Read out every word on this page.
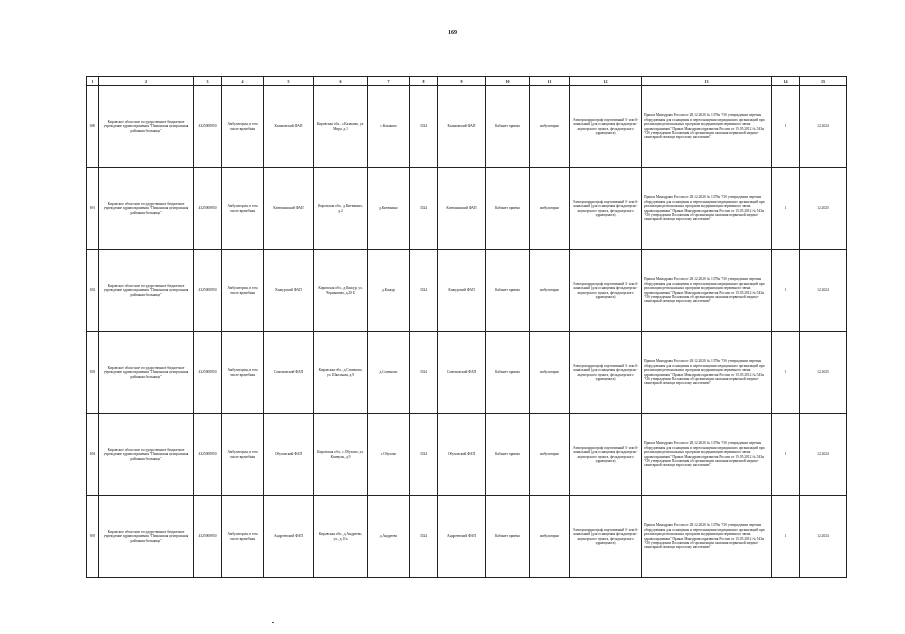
169
1	2	3	4	5	6	7	8	9	10	11	12	13	14	15
690	Кировское областное государственное бюджетное учреждение здравоохранения "Пижанская центральная районная больница"	4325000850	Амбулатория, в том числе врачебная	Казаковский ФАП	Кировская обл., с.Казаково, ул. Мира, д.1	с.Казаково	3524	Казаковский ФАП	Кабинет приема	амбулаторно	Электрокардиограф портативный 3- или 6-канальный (для оснащения фельдшерско-акушерского пункта, фельдшерского здравпункта)	Приказ Минздрава России от 28.12.2020 № 1379н "Об утверждении перечня оборудования для оснащения и переоснащения медицинских организаций при реализации региональных программ модернизации первичного звена здравоохранения" Приказ Минздравсоцразвития России от 15.05.2012 № 543н "Об утверждении Положения об организации оказания первичной медико-санитарной помощи взрослому населению"	1	12.2024
691	Кировское областное государственное бюджетное учреждение здравоохранения "Пижанская центральная районная больница"	4325000850	Амбулатория, в том числе врачебная	Китюнинский ФАП	Кировская обл., д.Китюнино, д.2	д.Китюнино	3524	Китюнинский ФАП	Кабинет приема	амбулаторно	Электрокардиограф портативный 3- или 6-канальный (для оснащения фельдшерско-акушерского пункта, фельдшерского здравпункта)	Приказ Минздрава России от 28.12.2020 № 1379н "Об утверждении перечня оборудования для оснащения и переоснащения медицинских организаций при реализации региональных программ модернизации первичного звена здравоохранения" Приказ Минздравсоцразвития России от 15.05.2012 № 543н "Об утверждении Положения об организации оказания первичной медико-санитарной помощи взрослому населению"	1	12.2025
692	Кировское областное государственное бюджетное учреждение здравоохранения "Пижанская центральная районная больница"	4325000850	Амбулатория, в том числе врачебная	Кшкурский ФАП	Кировская обл., д.Кшкур, ул. Чернышева, д.20 Б	д.Кшкур	3524	Кшкурский ФАП	Кабинет приема	амбулаторно	Электрокардиограф портативный 3- или 6-канальный (для оснащения фельдшерско-акушерского пункта, фельдшерского здравпункта)	Приказ Минздрава России от 28.12.2020 № 1379н "Об утверждении перечня оборудования для оснащения и переоснащения медицинских организаций при реализации региональных программ модернизации первичного звена здравоохранения" Приказ Минздравсоцразвития России от 15.05.2012 № 543н "Об утверждении Положения об организации оказания первичной медико-санитарной помощи взрослому населению"	1	12.2024
693	Кировское областное государственное бюджетное учреждение здравоохранения "Пижанская центральная районная больница"	4325000850	Амбулатория, в том числе врачебная	Соменовский ФАП	Кировская обл., д.Соменово, ул. Школьная, д.9	д.Соменово	3524	Соменовский ФАП	Кабинет приема	амбулаторно	Электрокардиограф портативный 3- или 6-канальный (для оснащения фельдшерско-акушерского пункта, фельдшерского здравпункта)	Приказ Минздрава России от 28.12.2020 № 1379н "Об утверждении перечня оборудования для оснащения и переоснащения медицинских организаций при реализации региональных программ модернизации первичного звена здравоохранения" Приказ Минздравсоцразвития России от 15.05.2012 № 543н "Об утверждении Положения об организации оказания первичной медико-санитарной помощи взрослому населению"	1	12.2025
694	Кировское областное государственное бюджетное учреждение здравоохранения "Пижанская центральная районная больница"	4325000850	Амбулатория, в том числе врачебная	Обуховский ФАП	Кировская обл., с.Обухово, ул. Комвузы, д.9	с.Обухово	3524	Обуховский ФАП	Кабинет приема	амбулаторно	Электрокардиограф портативный 3- или 6-канальный (для оснащения фельдшерско-акушерского пункта, фельдшерского здравпункта)	Приказ Минздрава России от 28.12.2020 № 1379н "Об утверждении перечня оборудования для оснащения и переоснащения медицинских организаций при реализации региональных программ модернизации первичного звена здравоохранения" Приказ Минздравсоцразвития России от 15.05.2012 № 543н "Об утверждении Положения об организации оказания первичной медико-санитарной помощи взрослому населению"	1	12.2024
695	Кировское областное государственное бюджетное учреждение здравоохранения "Пижанская центральная районная больница"	4325000850	Амбулатория, в том числе врачебная	Андреевский ФАП	Кировская обл., д.Андреево, ул., д.11а	д.Андреево	3524	Андреевский ФАП	Кабинет приема	амбулаторно	Электрокардиограф портативный 3- или 6-канальный (для оснащения фельдшерско-акушерского пункта, фельдшерского здравпункта)	Приказ Минздрава России от 28.12.2020 № 1379н "Об утверждении перечня оборудования для оснащения и переоснащения медицинских организаций при реализации региональных программ модернизации первичного звена здравоохранения" Приказ Минздравсоцразвития России от 15.05.2012 № 543н "Об утверждении Положения об организации оказания первичной медико-санитарной помощи взрослому населению"	1	12.2024
